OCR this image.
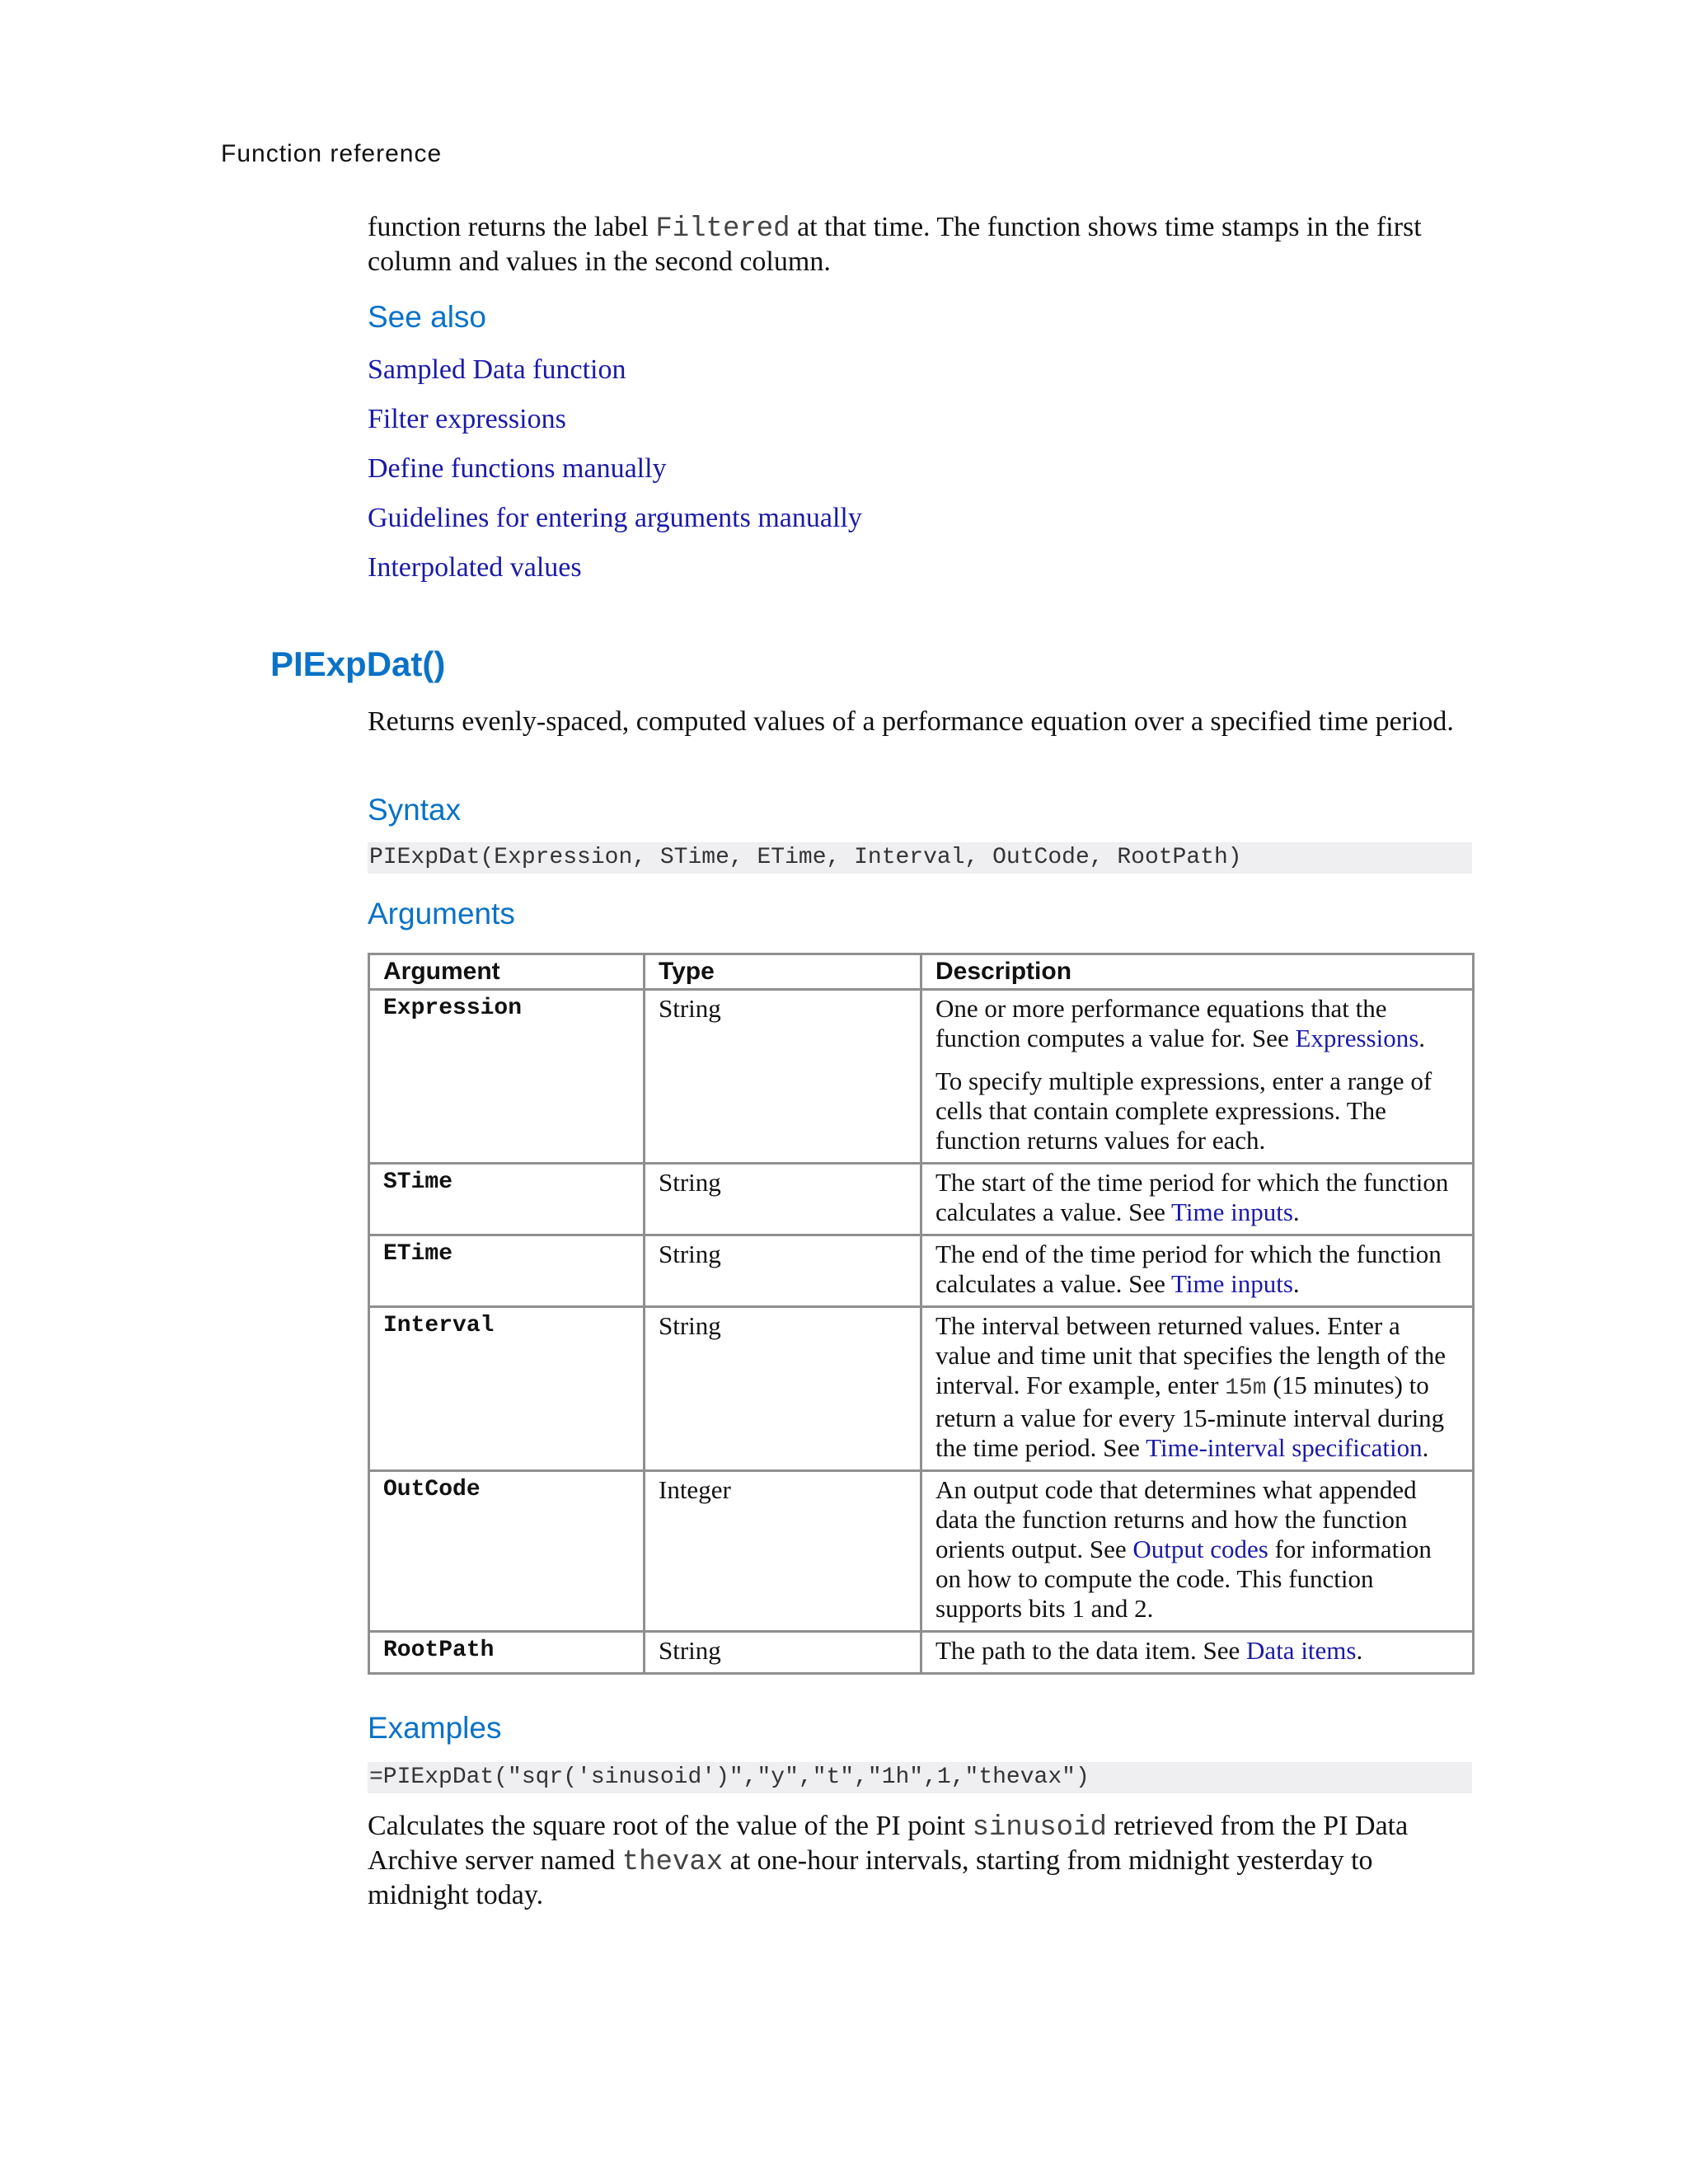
Function reference

function returns the label Filtered at that time. The function shows time stamps in the first column and values in the second column.

See also
Sampled Data function
Filter expressions
Define functions manually
Guidelines for entering arguments manually
Interpolated values
PIExpDat()

Returns evenly-spaced, computed values of a performance equation over a specified time period.

Syntax
PIExpDat(Expression, STime, ETime, Interval, OutCode, RootPath)
Arguments
Argument	Type	Description
Expression	String	One or more performance equations that the function computes a value for. See Expressions.

To specify multiple expressions, enter a range of cells that contain complete expressions. The function returns values for each.

STime	String	The start of the time period for which the function calculates a value. See Time inputs.

ETime	String	The end of the time period for which the function calculates a value. See Time inputs.

Interval	String	The interval between returned values. Enter a value and time unit that specifies the length of the interval. For example, enter 15m (15 minutes) to return a value for every 15-minute interval during the time period. See Time-interval specification.

OutCode	Integer	An output code that determines what appended data the function returns and how the function orients output. See Output codes for information on how to compute the code. This function supports bits 1 and 2.

RootPath	String	The path to the data item. See Data items.

Examples
=PIExpDat("sqr('sinusoid')","y","t","1h",1,"thevax")

Calculates the square root of the value of the PI point sinusoid retrieved from the PI Data Archive server named thevax at one-hour intervals, starting from midnight yesterday to midnight today.
